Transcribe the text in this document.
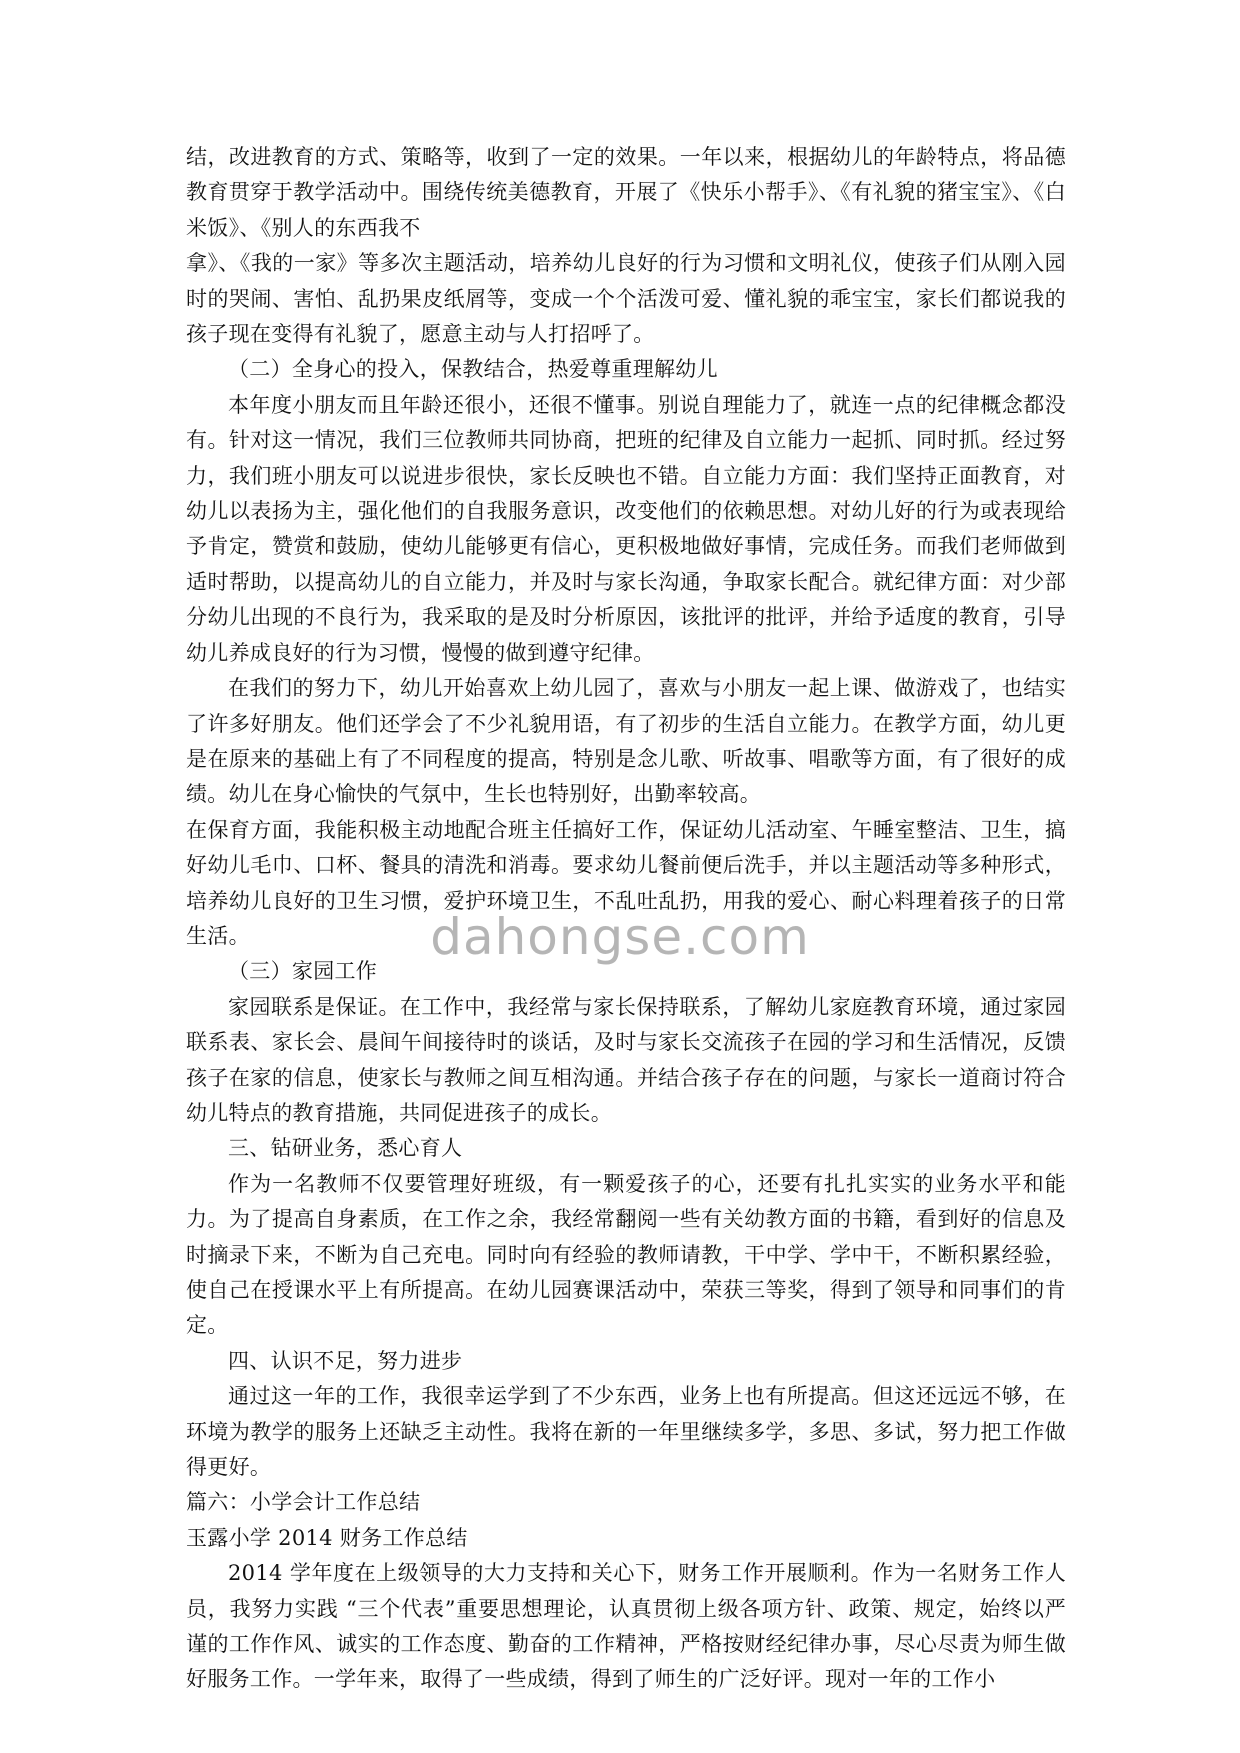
结，改进教育的方式、策略等，收到了一定的效果。一年以来，根据幼儿的年龄特点，将品德教育贯穿于教学活动中。围绕传统美德教育，开展了《快乐小帮手》、《有礼貌的猪宝宝》、《白米饭》、《别人的东西我不

拿》、《我的一家》等多次主题活动，培养幼儿良好的行为习惯和文明礼仪，使孩子们从刚入园时的哭闹、害怕、乱扔果皮纸屑等，变成一个个活泼可爱、懂礼貌的乖宝宝，家长们都说我的孩子现在变得有礼貌了，愿意主动与人打招呼了。

（二）全身心的投入，保教结合，热爱尊重理解幼儿

本年度小朋友而且年龄还很小，还很不懂事。别说自理能力了，就连一点的纪律概念都没有。针对这一情况，我们三位教师共同协商，把班的纪律及自立能力一起抓、同时抓。经过努力，我们班小朋友可以说进步很快，家长反映也不错。自立能力方面：我们坚持正面教育，对幼儿以表扬为主，强化他们的自我服务意识，改变他们的依赖思想。对幼儿好的行为或表现给予肯定，赞赏和鼓励，使幼儿能够更有信心，更积极地做好事情，完成任务。而我们老师做到适时帮助，以提高幼儿的自立能力，并及时与家长沟通，争取家长配合。就纪律方面：对少部分幼儿出现的不良行为，我采取的是及时分析原因，该批评的批评，并给予适度的教育，引导幼儿养成良好的行为习惯，慢慢的做到遵守纪律。

在我们的努力下，幼儿开始喜欢上幼儿园了，喜欢与小朋友一起上课、做游戏了，也结实了许多好朋友。他们还学会了不少礼貌用语，有了初步的生活自立能力。在教学方面，幼儿更是在原来的基础上有了不同程度的提高，特别是念儿歌、听故事、唱歌等方面，有了很好的成绩。幼儿在身心愉快的气氛中，生长也特别好，出勤率较高。

在保育方面，我能积极主动地配合班主任搞好工作，保证幼儿活动室、午睡室整洁、卫生，搞好幼儿毛巾、口杯、餐具的清洗和消毒。要求幼儿餐前便后洗手，并以主题活动等多种形式，培养幼儿良好的卫生习惯，爱护环境卫生，不乱吐乱扔，用我的爱心、耐心料理着孩子的日常生活。

（三）家园工作

家园联系是保证。在工作中，我经常与家长保持联系，了解幼儿家庭教育环境，通过家园联系表、家长会、晨间午间接待时的谈话，及时与家长交流孩子在园的学习和生活情况，反馈孩子在家的信息，使家长与教师之间互相沟通。并结合孩子存在的问题，与家长一道商讨符合幼儿特点的教育措施，共同促进孩子的成长。

三、钻研业务，悉心育人

作为一名教师不仅要管理好班级，有一颗爱孩子的心，还要有扎扎实实的业务水平和能力。为了提高自身素质，在工作之余，我经常翻阅一些有关幼教方面的书籍，看到好的信息及时摘录下来，不断为自己充电。同时向有经验的教师请教，干中学、学中干，不断积累经验，使自己在授课水平上有所提高。在幼儿园赛课活动中，荣获三等奖，得到了领导和同事们的肯定。

四、认识不足，努力进步

通过这一年的工作，我很幸运学到了不少东西，业务上也有所提高。但这还远远不够，在环境为教学的服务上还缺乏主动性。我将在新的一年里继续多学，多思、多试，努力把工作做得更好。

篇六：小学会计工作总结

玉露小学 2014 财务工作总结

2014 学年度在上级领导的大力支持和关心下，财务工作开展顺利。作为一名财务工作人员，我努力实践 “三个代表”重要思想理论，认真贯彻上级各项方针、政策、规定，始终以严谨的工作作风、诚实的工作态度、勤奋的工作精神，严格按财经纪律办事，尽心尽责为师生做好服务工作。一学年来，取得了一些成绩，得到了师生的广泛好评。现对一年的工作小

dahongse.com
